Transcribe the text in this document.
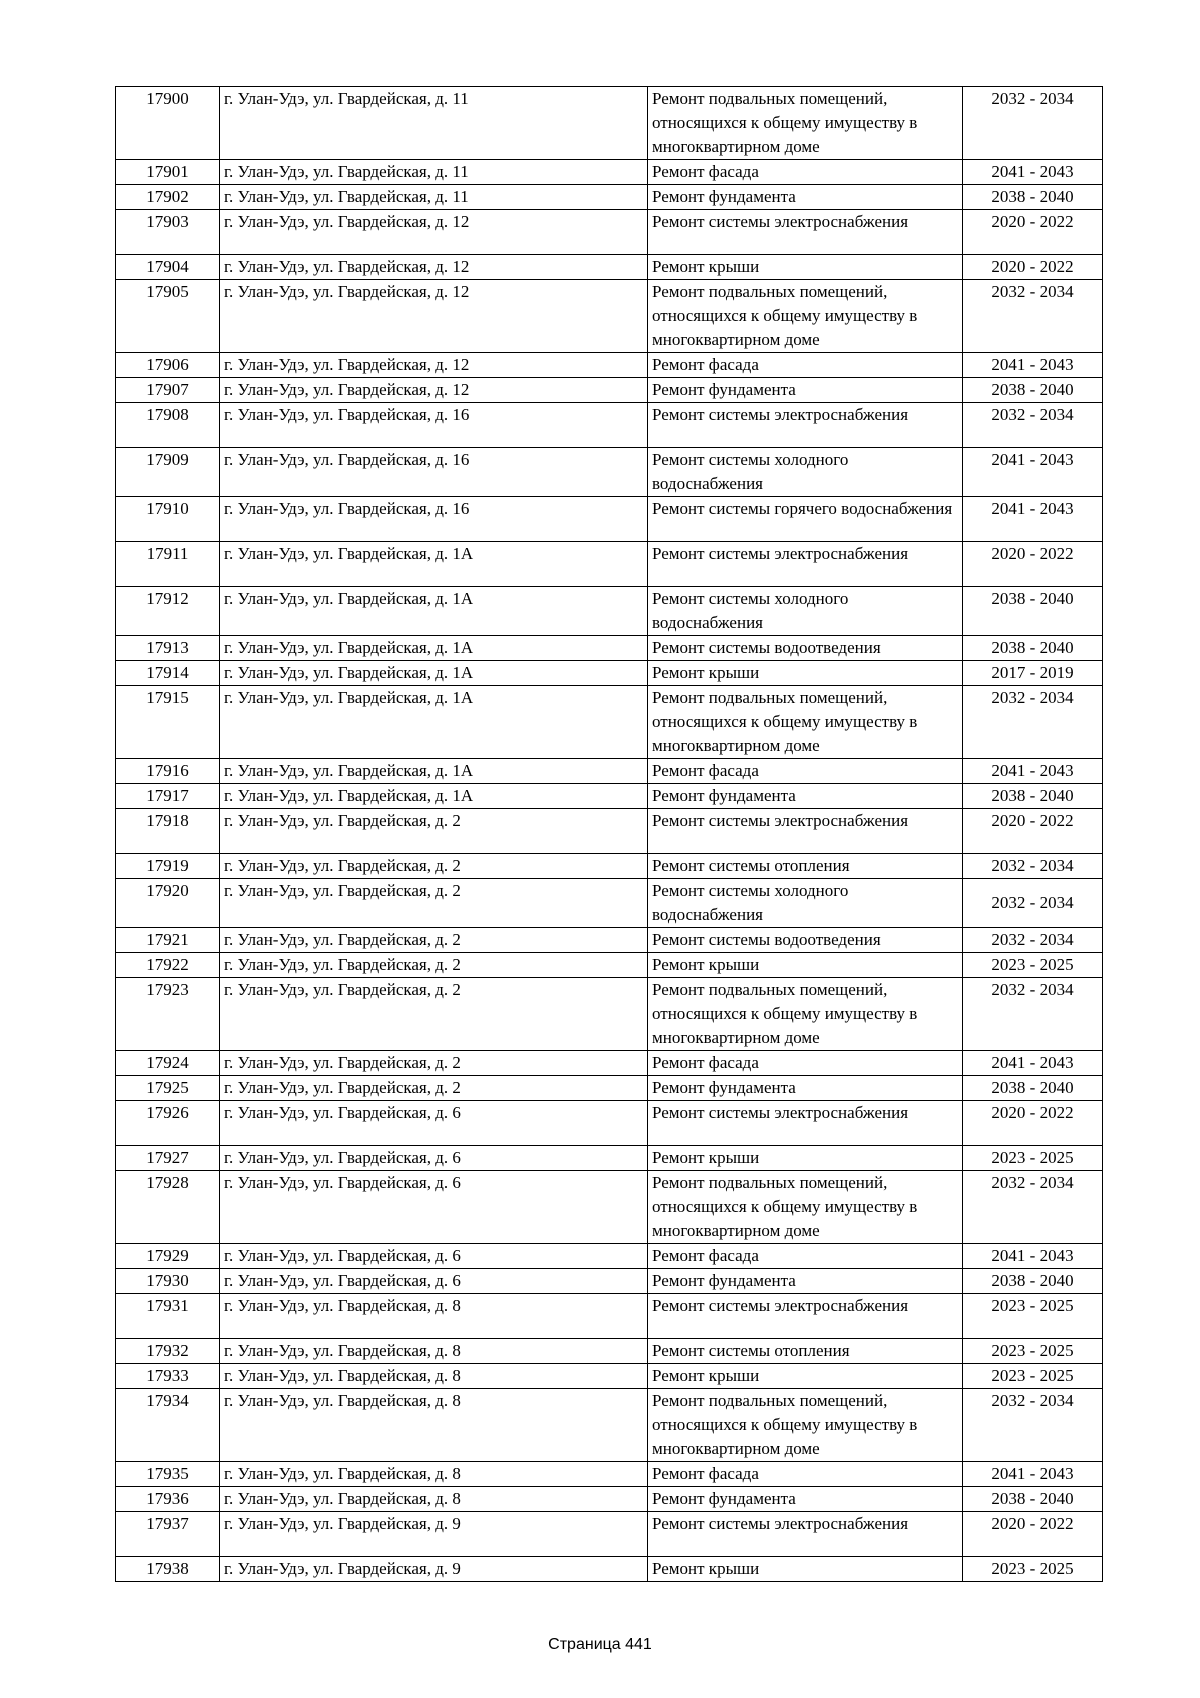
17900	г. Улан-Удэ, ул. Гвардейская, д. 11	Ремонт подвальных помещений, относящихся к общему имуществу в многоквартирном доме	2032 - 2034
17901	г. Улан-Удэ, ул. Гвардейская, д. 11	Ремонт фасада	2041 - 2043
17902	г. Улан-Удэ, ул. Гвардейская, д. 11	Ремонт фундамента	2038 - 2040
17903	г. Улан-Удэ, ул. Гвардейская, д. 12	Ремонт системы электроснабжения	2020 - 2022
17904	г. Улан-Удэ, ул. Гвардейская, д. 12	Ремонт крыши	2020 - 2022
17905	г. Улан-Удэ, ул. Гвардейская, д. 12	Ремонт подвальных помещений, относящихся к общему имуществу в многоквартирном доме	2032 - 2034
17906	г. Улан-Удэ, ул. Гвардейская, д. 12	Ремонт фасада	2041 - 2043
17907	г. Улан-Удэ, ул. Гвардейская, д. 12	Ремонт фундамента	2038 - 2040
17908	г. Улан-Удэ, ул. Гвардейская, д. 16	Ремонт системы электроснабжения	2032 - 2034
17909	г. Улан-Удэ, ул. Гвардейская, д. 16	Ремонт системы холодного водоснабжения	2041 - 2043
17910	г. Улан-Удэ, ул. Гвардейская, д. 16	Ремонт системы горячего водоснабжения	2041 - 2043
17911	г. Улан-Удэ, ул. Гвардейская, д. 1А	Ремонт системы электроснабжения	2020 - 2022
17912	г. Улан-Удэ, ул. Гвардейская, д. 1А	Ремонт системы холодного водоснабжения	2038 - 2040
17913	г. Улан-Удэ, ул. Гвардейская, д. 1А	Ремонт системы водоотведения	2038 - 2040
17914	г. Улан-Удэ, ул. Гвардейская, д. 1А	Ремонт крыши	2017 - 2019
17915	г. Улан-Удэ, ул. Гвардейская, д. 1А	Ремонт подвальных помещений, относящихся к общему имуществу в многоквартирном доме	2032 - 2034
17916	г. Улан-Удэ, ул. Гвардейская, д. 1А	Ремонт фасада	2041 - 2043
17917	г. Улан-Удэ, ул. Гвардейская, д. 1А	Ремонт фундамента	2038 - 2040
17918	г. Улан-Удэ, ул. Гвардейская, д. 2	Ремонт системы электроснабжения	2020 - 2022
17919	г. Улан-Удэ, ул. Гвардейская, д. 2	Ремонт системы отопления	2032 - 2034
17920	г. Улан-Удэ, ул. Гвардейская, д. 2	Ремонт системы холодного водоснабжения	2032 - 2034
17921	г. Улан-Удэ, ул. Гвардейская, д. 2	Ремонт системы водоотведения	2032 - 2034
17922	г. Улан-Удэ, ул. Гвардейская, д. 2	Ремонт крыши	2023 - 2025
17923	г. Улан-Удэ, ул. Гвардейская, д. 2	Ремонт подвальных помещений, относящихся к общему имуществу в многоквартирном доме	2032 - 2034
17924	г. Улан-Удэ, ул. Гвардейская, д. 2	Ремонт фасада	2041 - 2043
17925	г. Улан-Удэ, ул. Гвардейская, д. 2	Ремонт фундамента	2038 - 2040
17926	г. Улан-Удэ, ул. Гвардейская, д. 6	Ремонт системы электроснабжения	2020 - 2022
17927	г. Улан-Удэ, ул. Гвардейская, д. 6	Ремонт крыши	2023 - 2025
17928	г. Улан-Удэ, ул. Гвардейская, д. 6	Ремонт подвальных помещений, относящихся к общему имуществу в многоквартирном доме	2032 - 2034
17929	г. Улан-Удэ, ул. Гвардейская, д. 6	Ремонт фасада	2041 - 2043
17930	г. Улан-Удэ, ул. Гвардейская, д. 6	Ремонт фундамента	2038 - 2040
17931	г. Улан-Удэ, ул. Гвардейская, д. 8	Ремонт системы электроснабжения	2023 - 2025
17932	г. Улан-Удэ, ул. Гвардейская, д. 8	Ремонт системы отопления	2023 - 2025
17933	г. Улан-Удэ, ул. Гвардейская, д. 8	Ремонт крыши	2023 - 2025
17934	г. Улан-Удэ, ул. Гвардейская, д. 8	Ремонт подвальных помещений, относящихся к общему имуществу в многоквартирном доме	2032 - 2034
17935	г. Улан-Удэ, ул. Гвардейская, д. 8	Ремонт фасада	2041 - 2043
17936	г. Улан-Удэ, ул. Гвардейская, д. 8	Ремонт фундамента	2038 - 2040
17937	г. Улан-Удэ, ул. Гвардейская, д. 9	Ремонт системы электроснабжения	2020 - 2022
17938	г. Улан-Удэ, ул. Гвардейская, д. 9	Ремонт крыши	2023 - 2025
Страница 441
